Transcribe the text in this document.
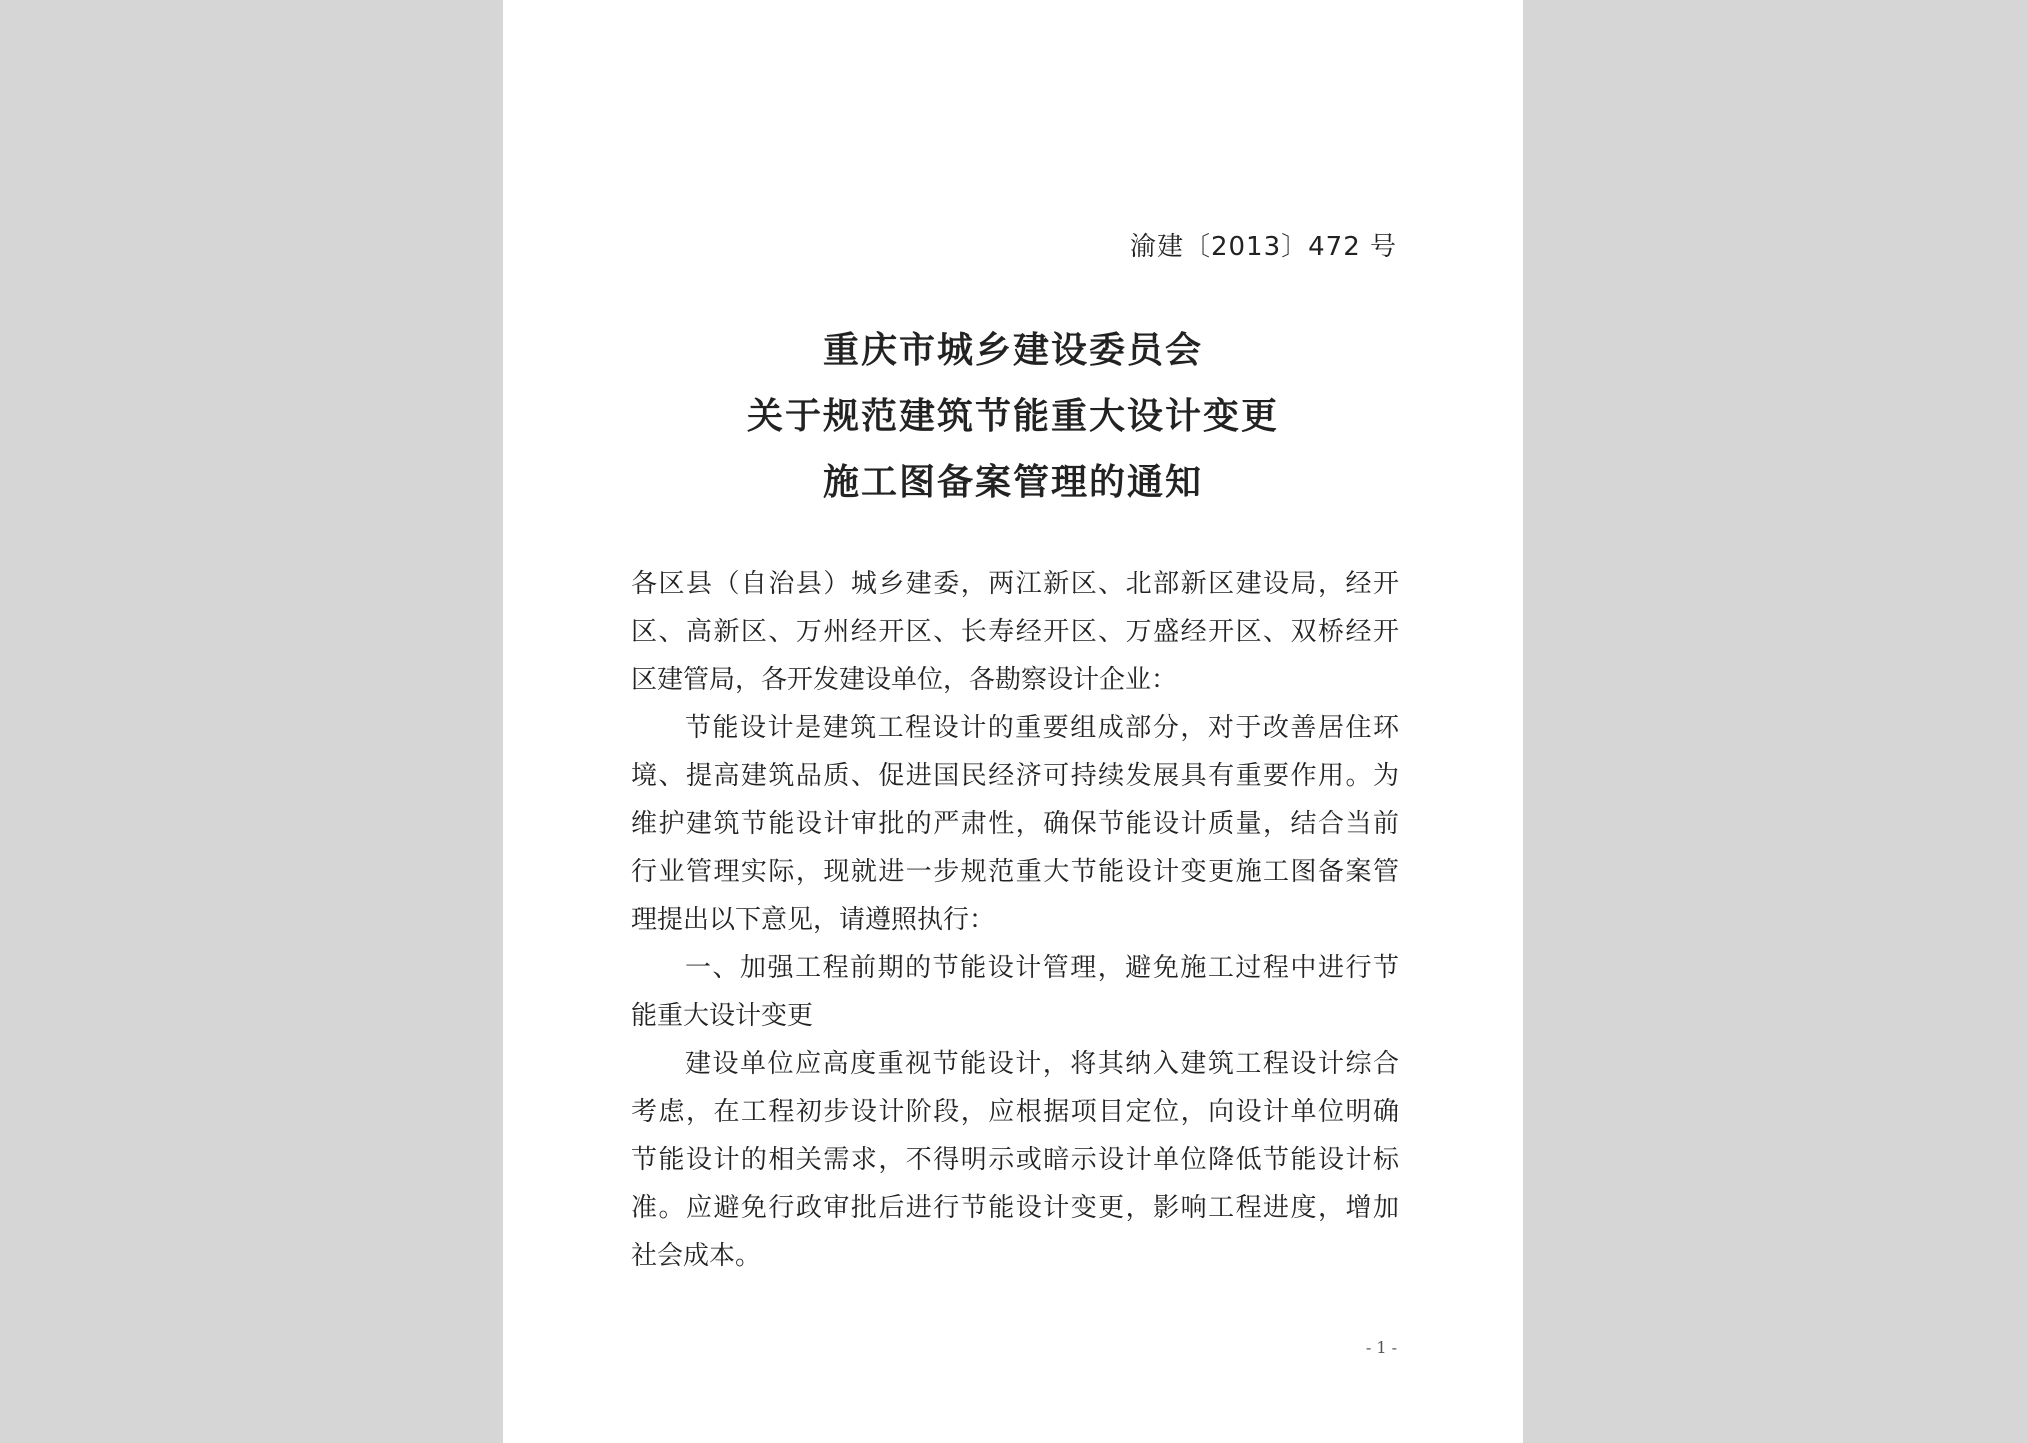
渝建〔2013〕472 号
重庆市城乡建设委员会
关于规范建筑节能重大设计变更
施工图备案管理的通知
各区县（自治县）城乡建委，两江新区、北部新区建设局，经开
区、高新区、万州经开区、长寿经开区、万盛经开区、双桥经开
区建管局，各开发建设单位，各勘察设计企业：
节能设计是建筑工程设计的重要组成部分，对于改善居住环
境、提高建筑品质、促进国民经济可持续发展具有重要作用。为
维护建筑节能设计审批的严肃性，确保节能设计质量，结合当前
行业管理实际，现就进一步规范重大节能设计变更施工图备案管
理提出以下意见，请遵照执行：
一、加强工程前期的节能设计管理，避免施工过程中进行节
能重大设计变更
建设单位应高度重视节能设计，将其纳入建筑工程设计综合
考虑，在工程初步设计阶段，应根据项目定位，向设计单位明确
节能设计的相关需求，不得明示或暗示设计单位降低节能设计标
准。应避免行政审批后进行节能设计变更，影响工程进度，增加
社会成本。
- 1 -
